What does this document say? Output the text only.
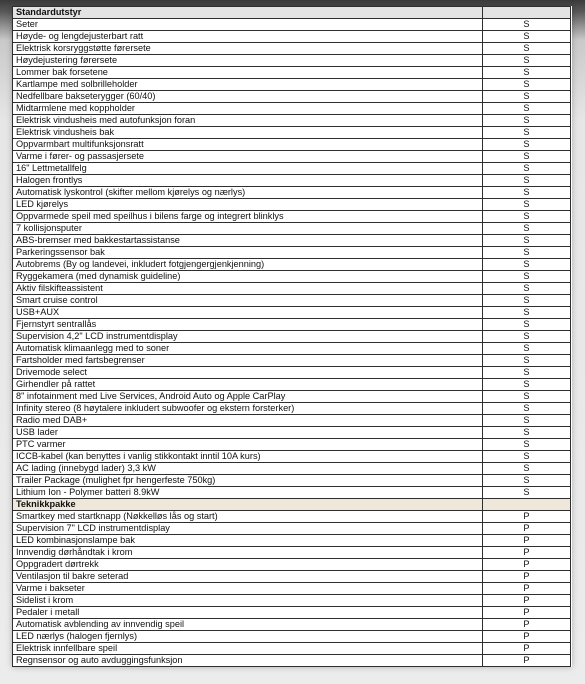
Standardutstyr	
Seter	S
Høyde- og lengdejusterbart ratt	S
Elektrisk korsryggstøtte førersete	S
Høydejustering førersete	S
Lommer bak forsetene	S
Kartlampe med solbrilleholder	S
Nedfellbare bakseterygger (60/40)	S
Midtarmlene med koppholder	S
Elektrisk vindusheis med autofunksjon foran	S
Elektrisk vindusheis bak	S
Oppvarmbart multifunksjonsratt	S
Varme i fører- og passasjersete	S
16" Lettmetallfelg	S
Halogen frontlys	S
Automatisk lyskontrol (skifter mellom kjørelys og nærlys)	S
LED kjørelys	S
Oppvarmede speil med speilhus i bilens farge og integrert blinklys	S
7 kollisjonsputer	S
ABS-bremser med bakkestartassistanse	S
Parkeringssensor bak	S
Autobrems (By og landevei, inkludert fotgjengergjenkjenning)	S
Ryggekamera (med dynamisk guideline)	S
Aktiv filskifteassistent	S
Smart cruise control	S
USB+AUX	S
Fjernstyrt sentrallås	S
Supervision 4,2" LCD instrumentdisplay	S
Automatisk klimaanlegg med to soner	S
Fartsholder med fartsbegrenser	S
Drivemode select	S
Girhendler på rattet	S
8" infotainment med Live Services, Android Auto og Apple CarPlay	S
Infinity stereo (8 høytalere inkludert subwoofer og ekstern forsterker)	S
Radio med DAB+	S
USB lader	S
PTC varmer	S
ICCB-kabel (kan benyttes i vanlig stikkontakt inntil 10A kurs)	S
AC lading (innebygd lader) 3,3 kW	S
Trailer Package (mulighet fpr hengerfeste 750kg)	S
Lithium Ion - Polymer batteri 8.9kW	S
Teknikkpakke	
Smartkey med startknapp (Nøkkelløs lås og start)	P
Supervision 7" LCD instrumentdisplay	P
LED kombinasjonslampe bak	P
Innvendig dørhåndtak i krom	P
Oppgradert dørtrekk	P
Ventilasjon til bakre seterad	P
Varme i bakseter	P
Sidelist i krom	P
Pedaler i metall	P
Automatisk avblending av innvendig speil	P
LED nærlys (halogen fjernlys)	P
Elektrisk innfellbare speil	P
Regnsensor og auto avduggingsfunksjon	P
